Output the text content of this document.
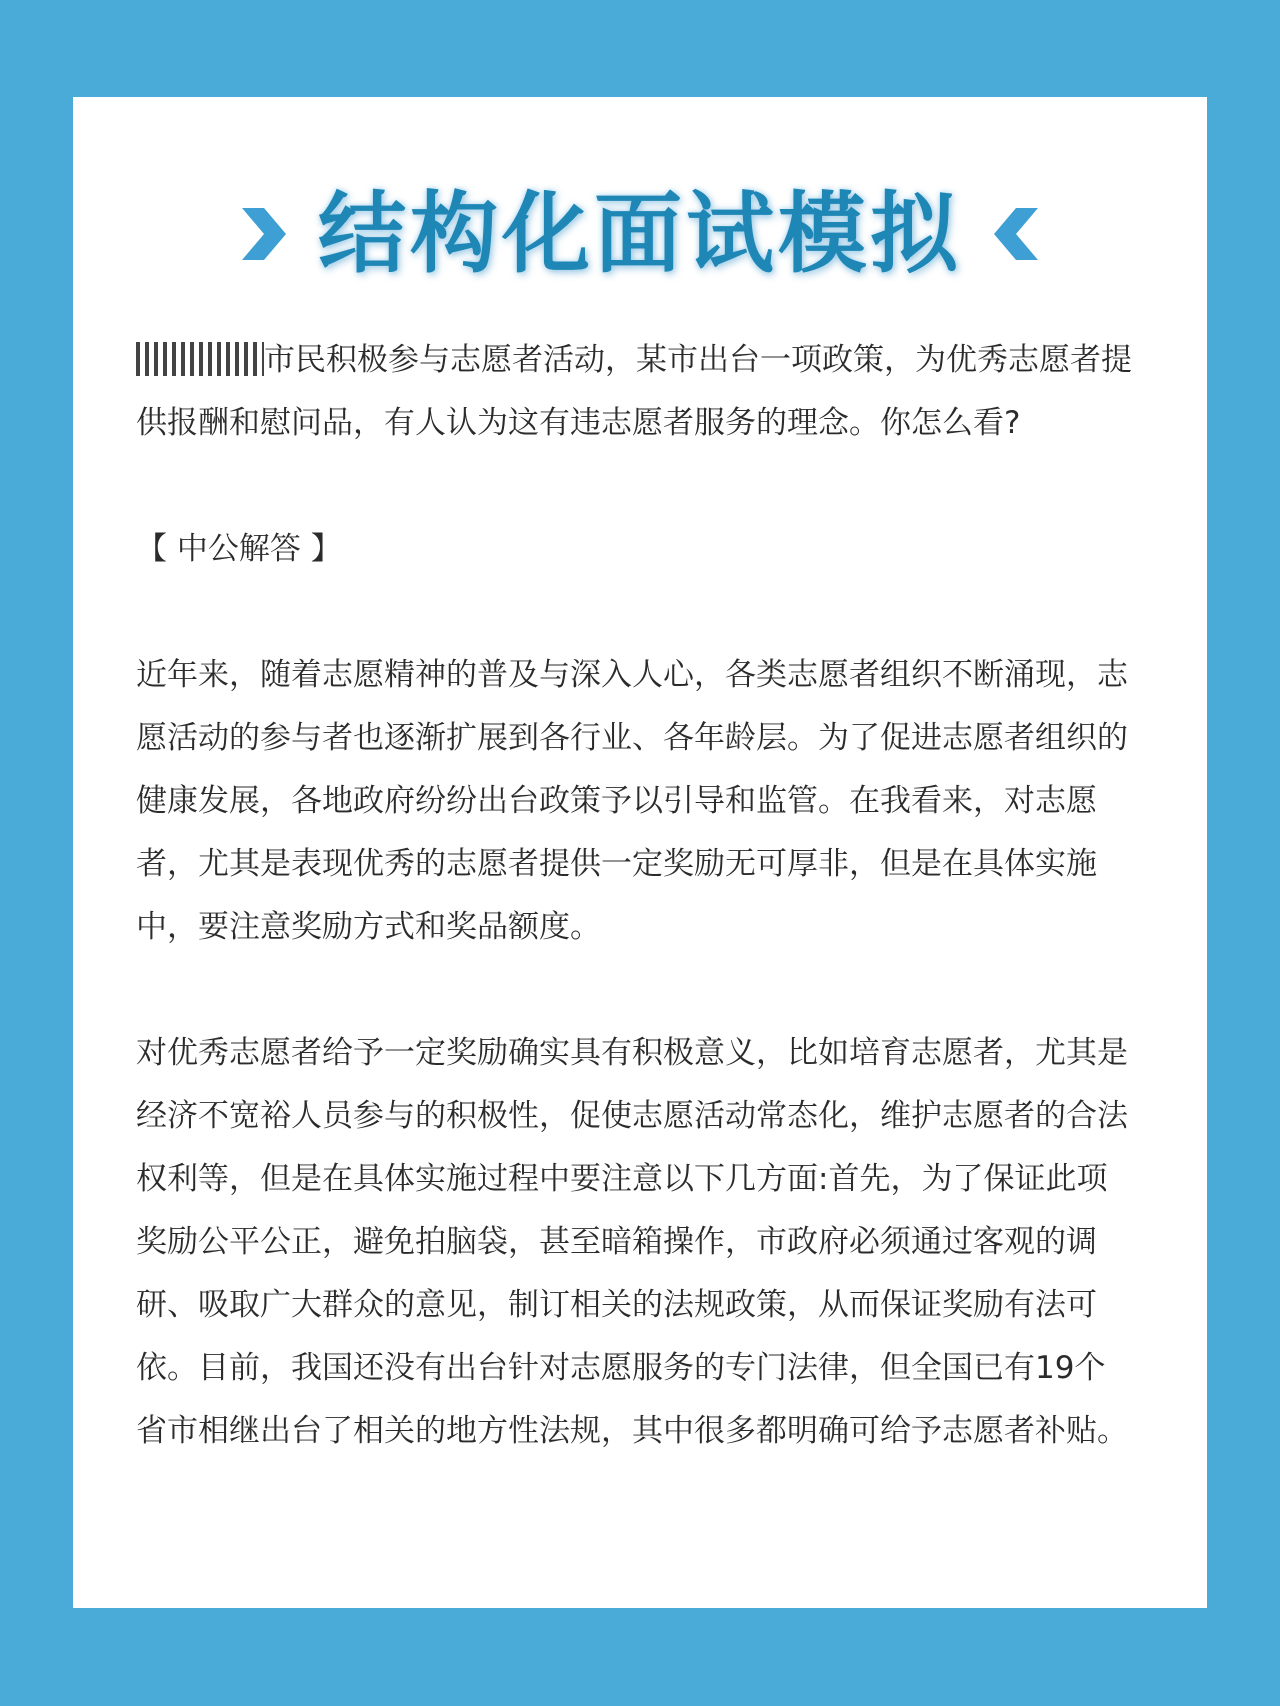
结构化面试模拟

市民积极参与志愿者活动，某市出台一项政策，为优秀志愿者提供报酬和慰问品，有人认为这有违志愿者服务的理念。你怎么看?

【 中公解答 】

近年来，随着志愿精神的普及与深入人心，各类志愿者组织不断涌现，志愿活动的参与者也逐渐扩展到各行业、各年龄层。为了促进志愿者组织的健康发展，各地政府纷纷出台政策予以引导和监管。在我看来，对志愿者，尤其是表现优秀的志愿者提供一定奖励无可厚非，但是在具体实施中，要注意奖励方式和奖品额度。

对优秀志愿者给予一定奖励确实具有积极意义，比如培育志愿者，尤其是经济不宽裕人员参与的积极性，促使志愿活动常态化，维护志愿者的合法权利等，但是在具体实施过程中要注意以下几方面:首先，为了保证此项奖励公平公正，避免拍脑袋，甚至暗箱操作，市政府必须通过客观的调研、吸取广大群众的意见，制订相关的法规政策，从而保证奖励有法可依。目前，我国还没有出台针对志愿服务的专门法律，但全国已有19个省市相继出台了相关的地方性法规，其中很多都明确可给予志愿者补贴。
